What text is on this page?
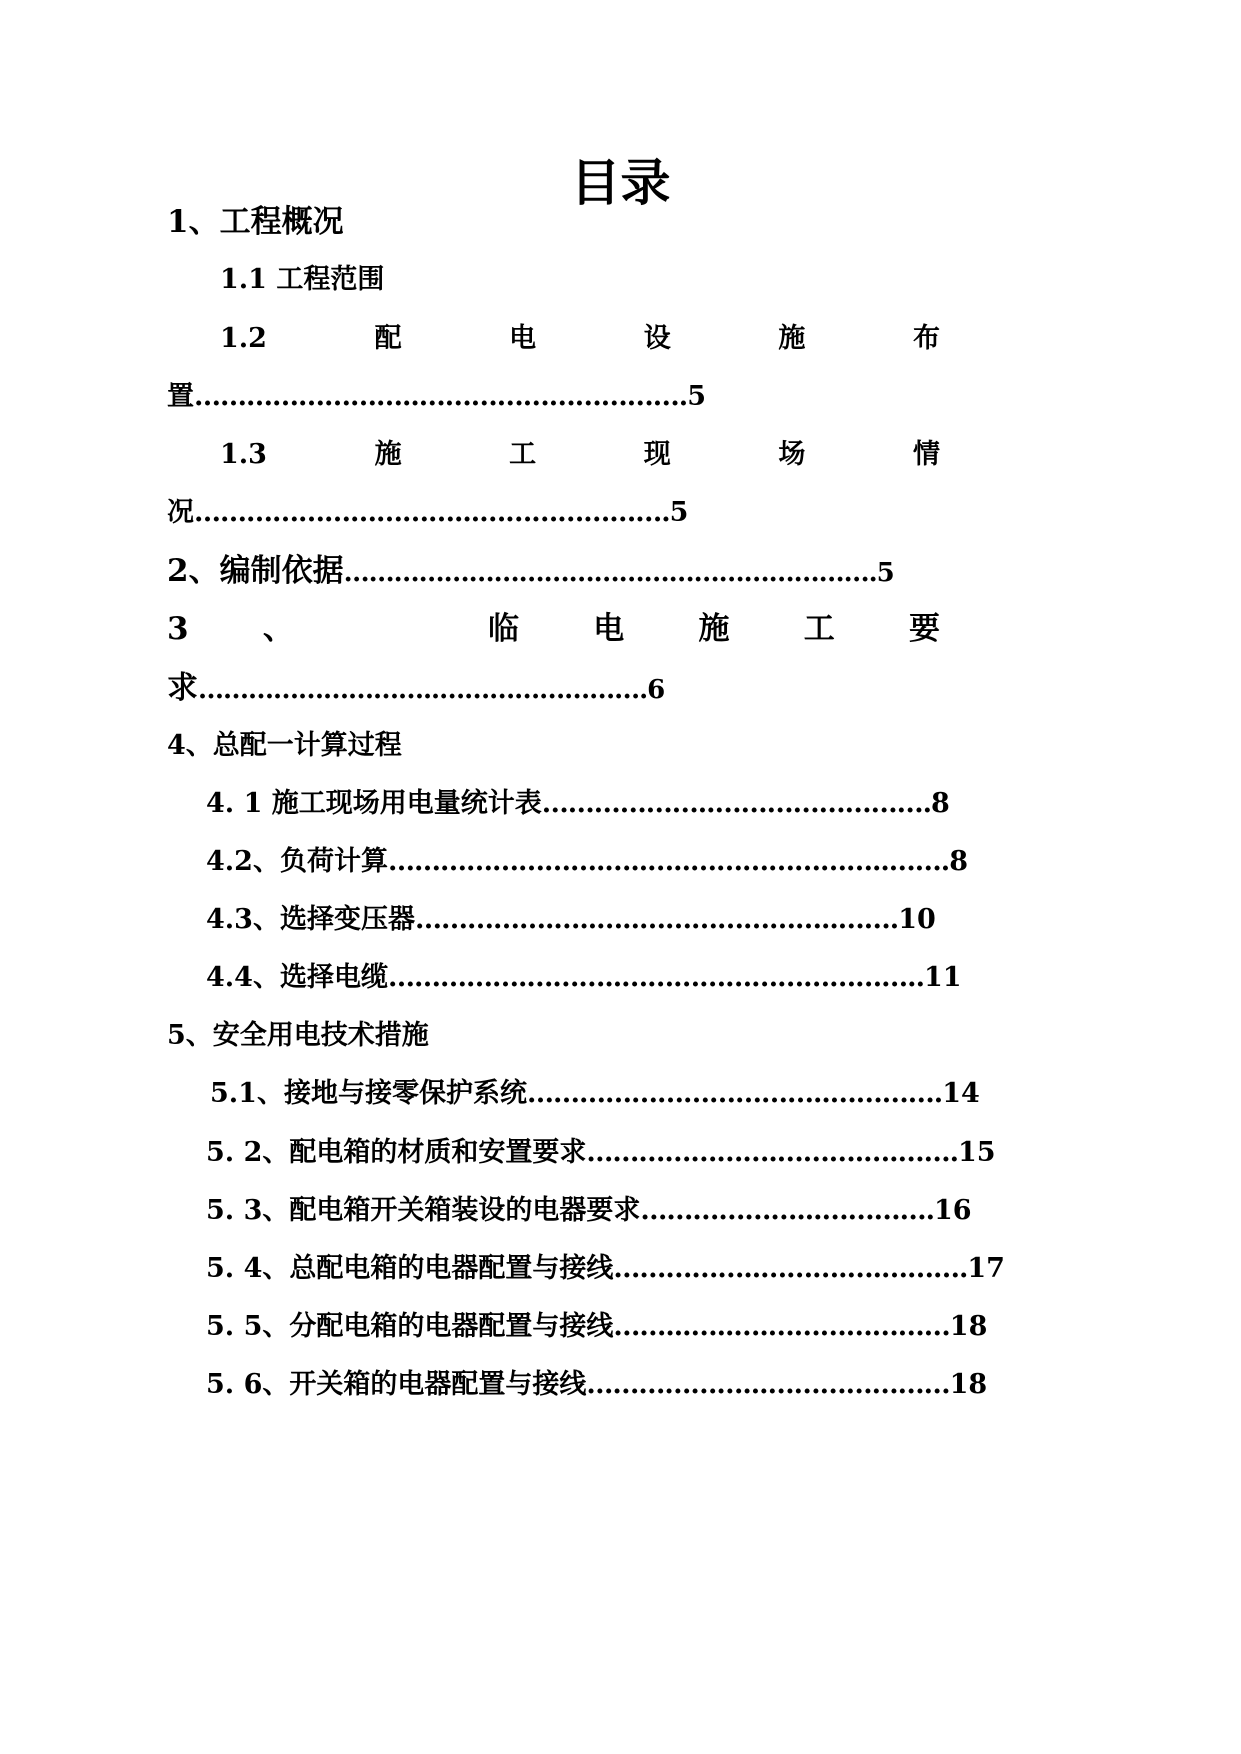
目录
1、工程概况
1.1 工程范围
1.2	配	电	设	施	布
置……………………..………………………….5
1.3	施	工	现	场	情
况…………………………...………………….5
2、编制依据……………………………………………………….5
3 、	临 电 施 工 要
求………………………..…………………….6
4、总配一计算过程
4. 1 施工现场用电量统计表………………..…………………….8
4.2、负荷计算…………………….…..…..…………………..…….8
4.3、选择变压器…………….…..…..…………………..…….10
4.4、选择电缆…………….………..……………………………..11
5、安全用电技术措施
5.1、接地与接零保护系统……………………………..………….14
5. 2、配电箱的材质和安置要求………………….……….….…….15
5. 3、配电箱开关箱装设的电器要求………………...………….16
5. 4、总配电箱的电器配置与接线……………..……….….……….17
5. 5、分配电箱的电器配置与接线……...…..….…………………18
5. 6、开关箱的电器配置与接线………………...…………………18
